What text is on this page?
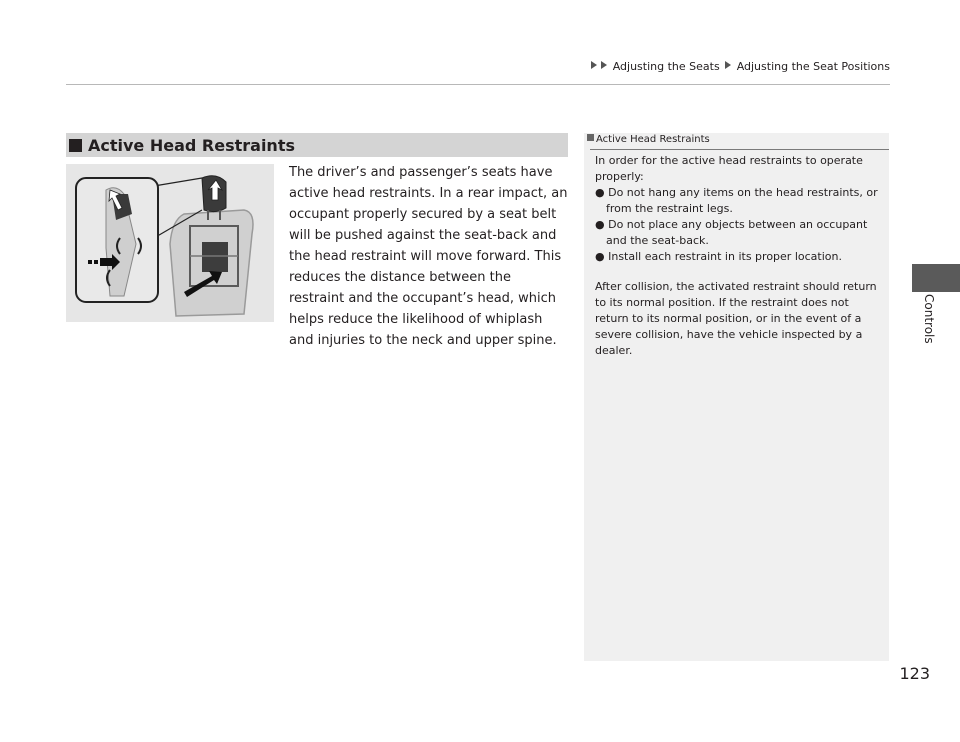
Adjusting the Seats Adjusting the Seat Positions
Controls
Active Head Restraints
The driver’s and passenger’s seats have active head restraints. In a rear impact, an occupant properly secured by a seat belt will be pushed against the seat-back and the head restraint will move forward. This reduces the distance between the restraint and the occupant’s head, which helps reduce the likelihood of whiplash and injuries to the neck and upper spine.
Active Head Restraints

In order for the active head restraints to operate properly:

● Do not hang any items on the head restraints, or from the restraint legs.

● Do not place any objects between an occupant and the seat-back.

● Install each restraint in its proper location.

After collision, the activated restraint should return to its normal position. If the restraint does not return to its normal position, or in the event of a severe collision, have the vehicle inspected by a dealer.

123
